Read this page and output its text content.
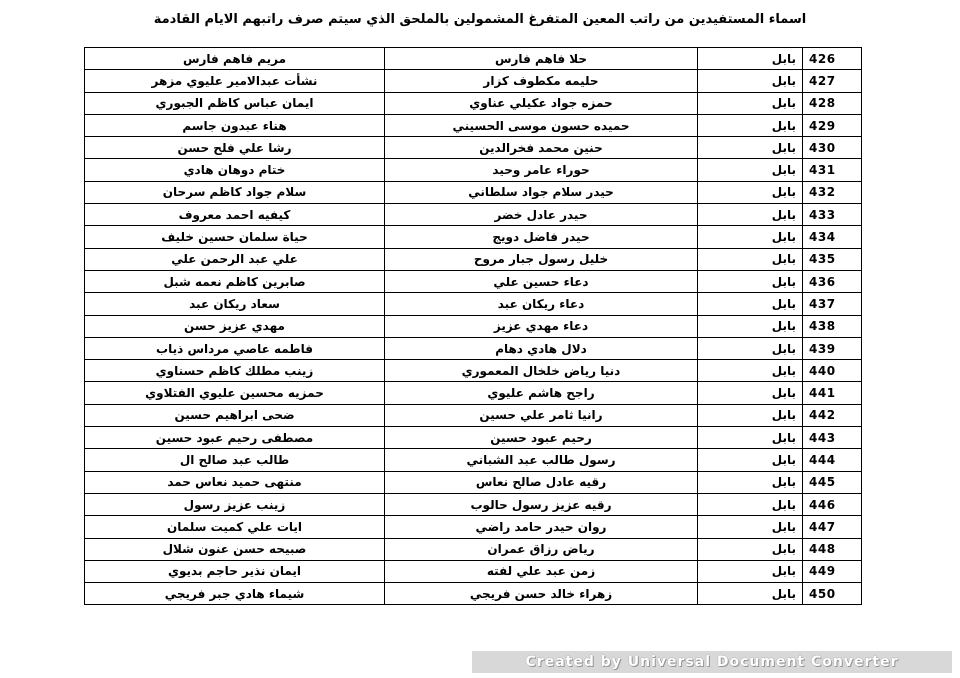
اسماء المستفيدين من راتب المعين المتفرغ المشمولين بالملحق الذي سيتم صرف راتبهم الايام القادمة
426	بابل	حلا فاهم فارس	مريم فاهم فارس
427	بابل	حليمه مكطوف كزار	نشأت عبدالامير عليوي مزهر
428	بابل	حمزه جواد عكيلي عناوي	ايمان عباس كاظم الجبوري
429	بابل	حميده حسون موسى الحسيني	هناء عبدون جاسم
430	بابل	حنين محمد فخرالدين	رشا علي فلح حسن
431	بابل	حوراء عامر وحيد	ختام دوهان هادي
432	بابل	حيدر سلام جواد سلطاني	سلام جواد كاظم سرحان
433	بابل	حيدر عادل خضر	كيفيه احمد معروف
434	بابل	حيدر فاضل دويج	حياة سلمان حسين خليف
435	بابل	خليل رسول جبار مروح	علي عبد الرحمن علي
436	بابل	دعاء حسين علي	صابرين كاظم نعمه شبل
437	بابل	دعاء ريكان عبد	سعاد ريكان عبد
438	بابل	دعاء مهدي عزيز	مهدي عزيز حسن
439	بابل	دلال هادي دهام	فاطمه عاصي مرداس ذياب
440	بابل	دنيا رياض خلخال المعموري	زينب مطلك كاظم حسناوي
441	بابل	راجح هاشم عليوي	حمزيه محسين عليوي الفتلاوي
442	بابل	رانيا ثامر علي حسين	ضحى ابراهيم حسين
443	بابل	رحيم عبود حسين	مصطفى رحيم عبود حسين
444	بابل	رسول طالب عبد الشباني	طالب عبد صالح ال
445	بابل	رقيه عادل صالح نعاس	منتهى حميد نعاس حمد
446	بابل	رقيه عزيز رسول حالوب	زينب عزيز رسول
447	بابل	روان حيدر حامد راضي	ايات علي كميت سلمان
448	بابل	رياض رزاق عمران	صبيحه حسن عنون شلال
449	بابل	زمن عبد علي لفته	ايمان نذير حاجم بديوي
450	بابل	زهراء خالد حسن فريجي	شيماء هادي جبر فريجي
Created by Universal Document Converter
